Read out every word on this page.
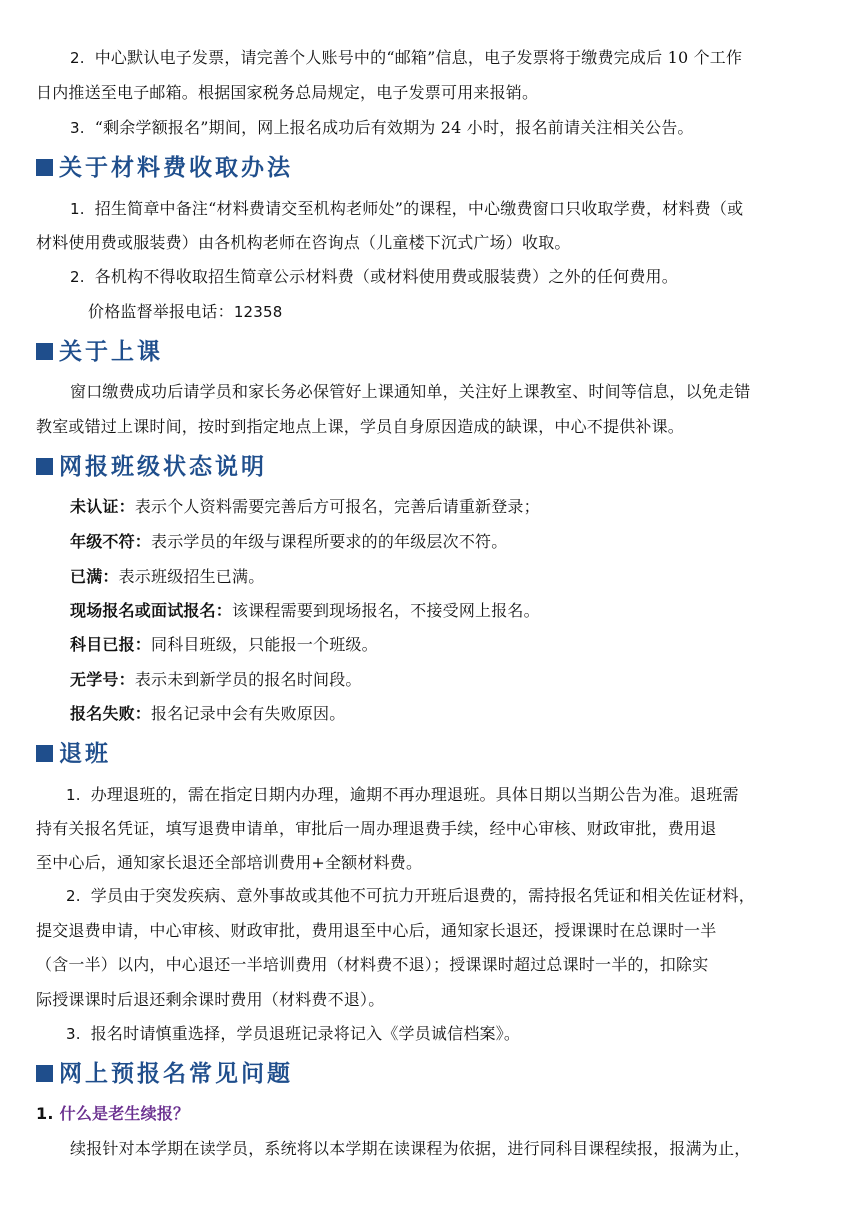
2. 中心默认电子发票，请完善个人账号中的“邮箱”信息，电子发票将于缴费完成后 10 个工作
日内推送至电子邮箱。根据国家税务总局规定，电子发票可用来报销。
3. “剩余学额报名”期间，网上报名成功后有效期为 24 小时，报名前请关注相关公告。
关于材料费收取办法
1. 招生简章中备注“材料费请交至机构老师处”的课程，中心缴费窗口只收取学费，材料费（或
材料使用费或服装费）由各机构老师在咨询点（儿童楼下沉式广场）收取。
2. 各机构不得收取招生简章公示材料费（或材料使用费或服装费）之外的任何费用。
价格监督举报电话：12358
关于上课
窗口缴费成功后请学员和家长务必保管好上课通知单，关注好上课教室、时间等信息，以免走错
教室或错过上课时间，按时到指定地点上课，学员自身原因造成的缺课，中心不提供补课。
网报班级状态说明
未认证：表示个人资料需要完善后方可报名，完善后请重新登录；
年级不符：表示学员的年级与课程所要求的的年级层次不符。
已满：表示班级招生已满。
现场报名或面试报名：该课程需要到现场报名，不接受网上报名。
科目已报：同科目班级，只能报一个班级。
无学号：表示未到新学员的报名时间段。
报名失败：报名记录中会有失败原因。
退班
1. 办理退班的，需在指定日期内办理，逾期不再办理退班。具体日期以当期公告为准。退班需
持有关报名凭证，填写退费申请单，审批后一周办理退费手续，经中心审核、财政审批，费用退
至中心后，通知家长退还全部培训费用+全额材料费。
2. 学员由于突发疾病、意外事故或其他不可抗力开班后退费的，需持报名凭证和相关佐证材料，
提交退费申请，中心审核、财政审批，费用退至中心后，通知家长退还，授课课时在总课时一半
（含一半）以内，中心退还一半培训费用（材料费不退）；授课课时超过总课时一半的，扣除实
际授课课时后退还剩余课时费用（材料费不退）。
3. 报名时请慎重选择，学员退班记录将记入《学员诚信档案》。
网上预报名常见问题
1. 什么是老生续报？
续报针对本学期在读学员，系统将以本学期在读课程为依据，进行同科目课程续报，报满为止，
